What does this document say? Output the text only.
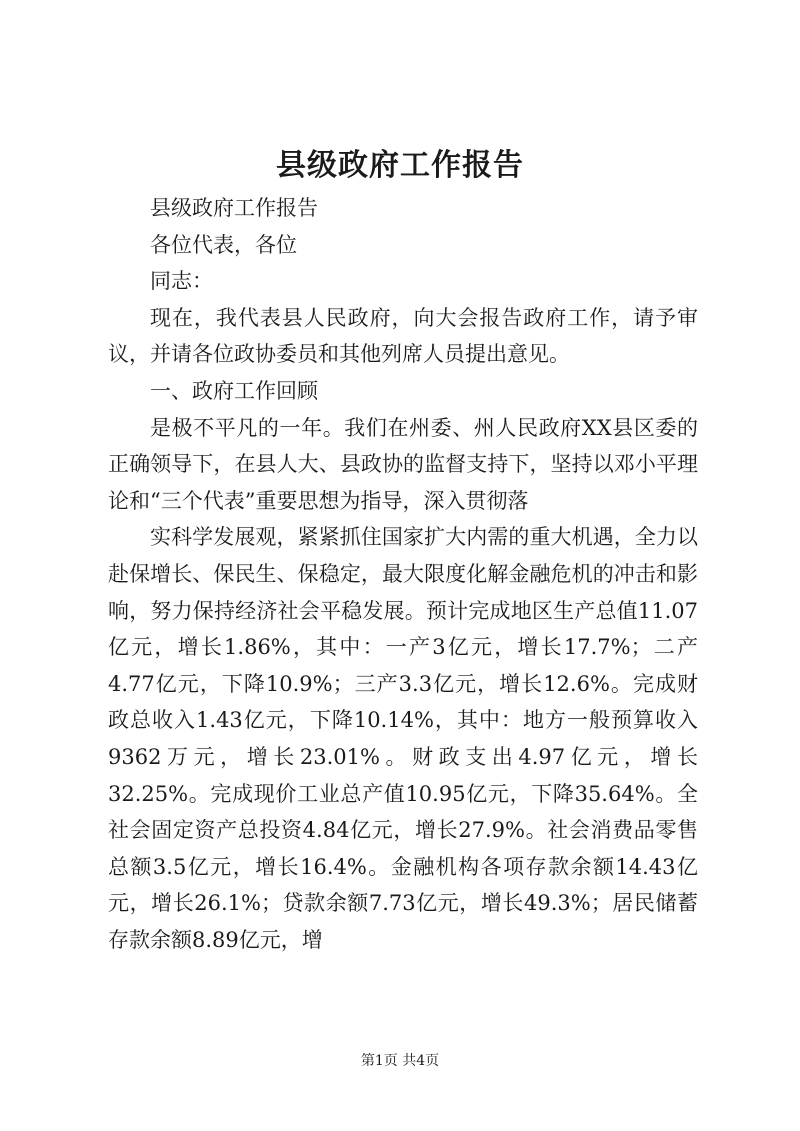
县级政府工作报告

县级政府工作报告

各位代表，各位

同志：

现在，我代表县人民政府，向大会报告政府工作，请予审议，并请各位政协委员和其他列席人员提出意见。

一、政府工作回顾

是极不平凡的一年。我们在州委、州人民政府XX县区委的正确领导下，在县人大、县政协的监督支持下，坚持以邓小平理论和“三个代表”重要思想为指导，深入贯彻落

实科学发展观，紧紧抓住国家扩大内需的重大机遇，全力以赴保增长、保民生、保稳定，最大限度化解金融危机的冲击和影响，努力保持经济社会平稳发展。预计完成地区生产总值11.07亿元，增长1.86%，其中：一产3亿元，增长17.7%；二产4.77亿元，下降10.9%；三产3.3亿元，增长12.6%。完成财政总收入1.43亿元，下降10.14%，其中：地方一般预算收入9362万元，增长23.01%。财政支出4.97亿元，增长32.25%。完成现价工业总产值10.95亿元，下降35.64%。全社会固定资产总投资4.84亿元，增长27.9%。社会消费品零售总额3.5亿元，增长16.4%。金融机构各项存款余额14.43亿元，增长26.1%；贷款余额7.73亿元，增长49.3%；居民储蓄存款余额8.89亿元，增

第1页 共4页
